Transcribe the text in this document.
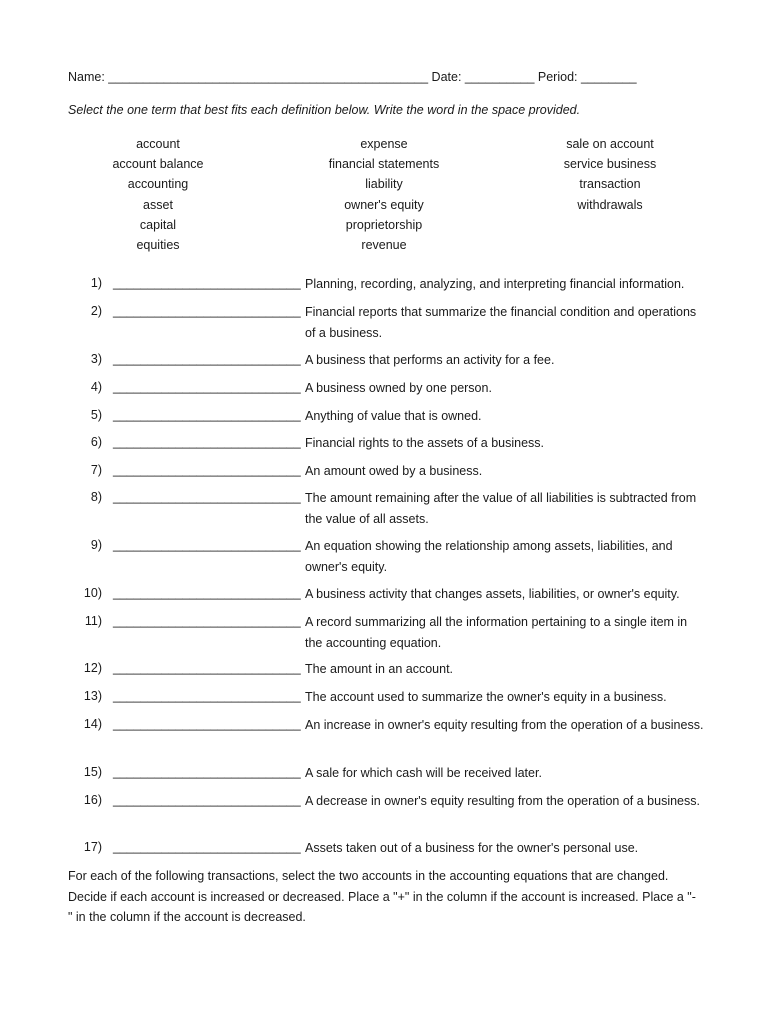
Name: ______________________________________________ Date: __________ Period: ________
Select the one term that best fits each definition below. Write the word in the space provided.
account
account balance
accounting
asset
capital
equities
expense
financial statements
liability
owner's equity
proprietorship
revenue
sale on account
service business
transaction
withdrawals
1) ___________________________ Planning, recording, analyzing, and interpreting financial information.
2) ___________________________ Financial reports that summarize the financial condition and operations of a business.
3) ___________________________ A business that performs an activity for a fee.
4) ___________________________ A business owned by one person.
5) ___________________________ Anything of value that is owned.
6) ___________________________ Financial rights to the assets of a business.
7) ___________________________ An amount owed by a business.
8) ___________________________ The amount remaining after the value of all liabilities is subtracted from the value of all assets.
9) ___________________________ An equation showing the relationship among assets, liabilities, and owner's equity.
10) ___________________________ A business activity that changes assets, liabilities, or owner's equity.
11) ___________________________ A record summarizing all the information pertaining to a single item in the accounting equation.
12) ___________________________ The amount in an account.
13) ___________________________ The account used to summarize the owner's equity in a business.
14) ___________________________ An increase in owner's equity resulting from the operation of a business.
15) ___________________________ A sale for which cash will be received later.
16) ___________________________ A decrease in owner's equity resulting from the operation of a business.
17) ___________________________ Assets taken out of a business for the owner's personal use.
For each of the following transactions, select the two accounts in the accounting equations that are changed. Decide if each account is increased or decreased. Place a "+" in the column if the account is increased. Place a "-" in the column if the account is decreased.
